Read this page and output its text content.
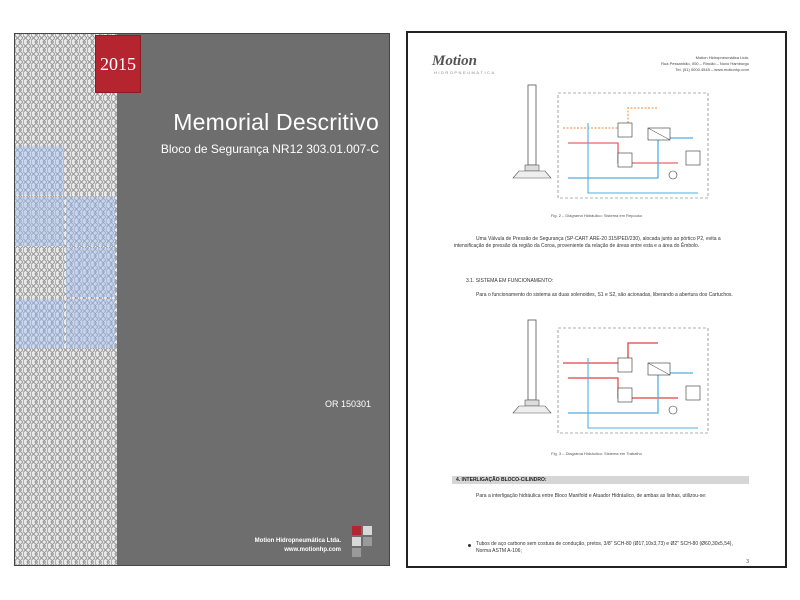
2015
Memorial Descritivo
Bloco de Segurança NR12 303.01.007-C
OR 150301
Motion Hidropneumática Ltda.
www.motionhp.com
Motion
HIDROPNEUMÁTICA
Motion Hidropneumática Ltda.
Rua Pessanhão, 000 – Rincão – Novo Hamburgo
Tel. (51) 0000.4545 – www.motionhp.com
Fig. 2 – Diagrama Hidráulico: Sistema em Repouso
Uma Válvula de Pressão de Segurança (SP-CART ARE-20 315/PED/230), alocada junto ao pórtico P2, evita a intensificação de pressão da região da Coroa, proveniente da relação de áreas entre esta e a área do Êmbolo.
3.1. SISTEMA EM FUNCIONAMENTO:
Para o funcionamento do sistema as duas solenoides, S1 e S2, são acionadas, liberando a abertura dos Cartuchos.
Fig. 3 – Diagrama Hidráulico: Sistema em Trabalho
4. INTERLIGAÇÃO BLOCO-CILINDRO:
Para a interligação hidráulica entre Bloco Manifold e Atuador Hidráulico, de ambas as linhas, utilizou-se:
Tubos de aço carbono sem costura de condução, pretos, 3/8" SCH-80 (Ø17,10x3,73) e Ø2" SCH-80 (Ø60,30x5,54), Norma ASTM A-106;
3
